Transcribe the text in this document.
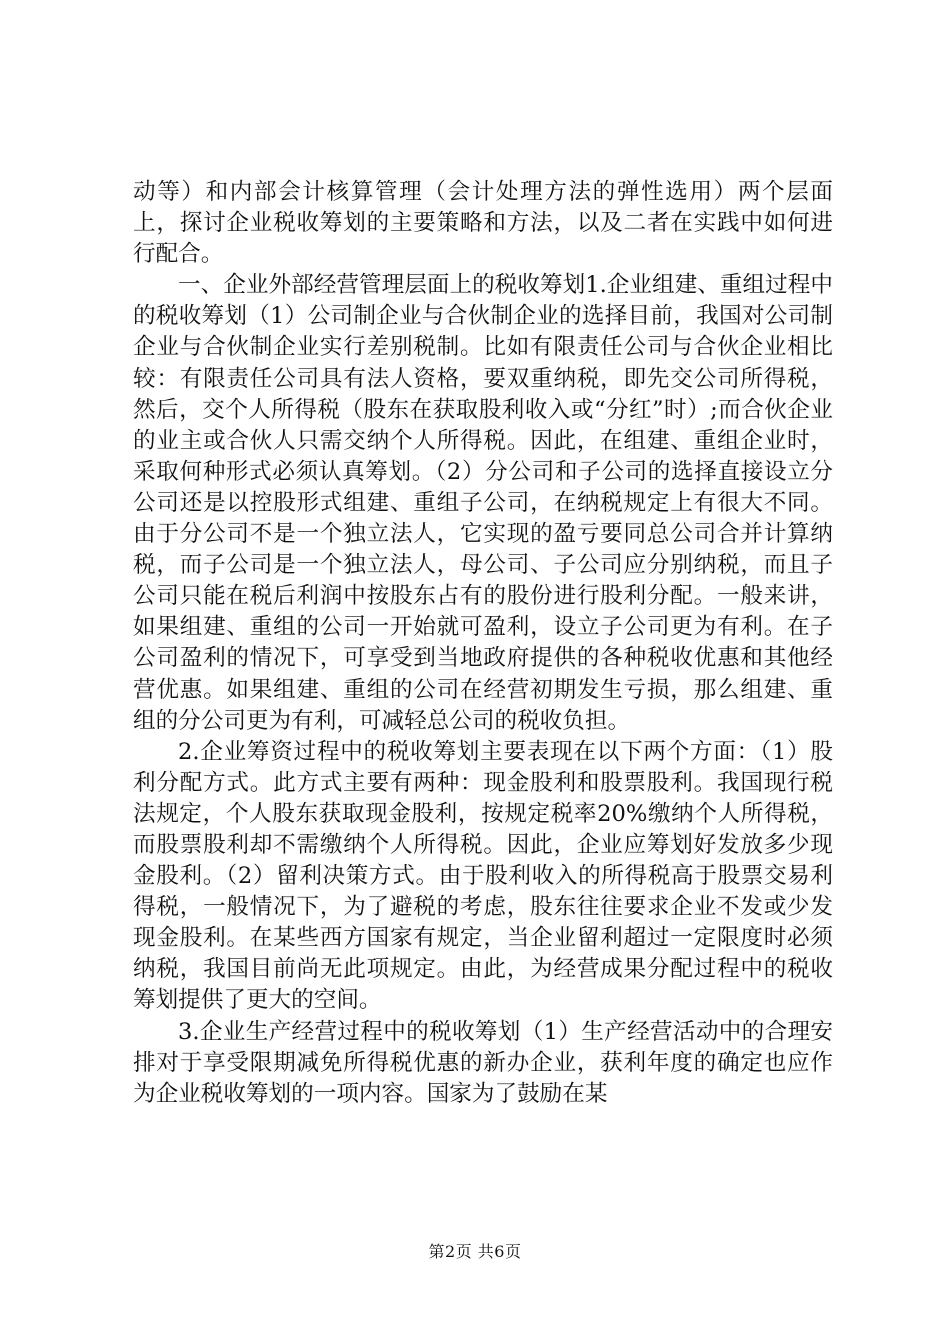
动等）和内部会计核算管理（会计处理方法的弹性选用）两个层面上，探讨企业税收筹划的主要策略和方法，以及二者在实践中如何进行配合。

一、企业外部经营管理层面上的税收筹划1.企业组建、重组过程中的税收筹划（1）公司制企业与合伙制企业的选择目前，我国对公司制企业与合伙制企业实行差别税制。比如有限责任公司与合伙企业相比较：有限责任公司具有法人资格，要双重纳税，即先交公司所得税，然后，交个人所得税（股东在获取股利收入或“分红”时）;而合伙企业的业主或合伙人只需交纳个人所得税。因此，在组建、重组企业时，采取何种形式必须认真筹划。（2）分公司和子公司的选择直接设立分公司还是以控股形式组建、重组子公司，在纳税规定上有很大不同。由于分公司不是一个独立法人，它实现的盈亏要同总公司合并计算纳税，而子公司是一个独立法人，母公司、子公司应分别纳税，而且子公司只能在税后利润中按股东占有的股份进行股利分配。一般来讲，如果组建、重组的公司一开始就可盈利，设立子公司更为有利。在子公司盈利的情况下，可享受到当地政府提供的各种税收优惠和其他经营优惠。如果组建、重组的公司在经营初期发生亏损，那么组建、重组的分公司更为有利，可减轻总公司的税收负担。

2.企业筹资过程中的税收筹划主要表现在以下两个方面：（1）股利分配方式。此方式主要有两种：现金股利和股票股利。我国现行税法规定，个人股东获取现金股利，按规定税率20%缴纳个人所得税，而股票股利却不需缴纳个人所得税。因此，企业应筹划好发放多少现金股利。（2）留利决策方式。由于股利收入的所得税高于股票交易利得税，一般情况下，为了避税的考虑，股东往往要求企业不发或少发现金股利。在某些西方国家有规定，当企业留利超过一定限度时必须纳税，我国目前尚无此项规定。由此，为经营成果分配过程中的税收筹划提供了更大的空间。

3.企业生产经营过程中的税收筹划（1）生产经营活动中的合理安排对于享受限期减免所得税优惠的新办企业，获利年度的确定也应作为企业税收筹划的一项内容。国家为了鼓励在某

第2页 共6页
